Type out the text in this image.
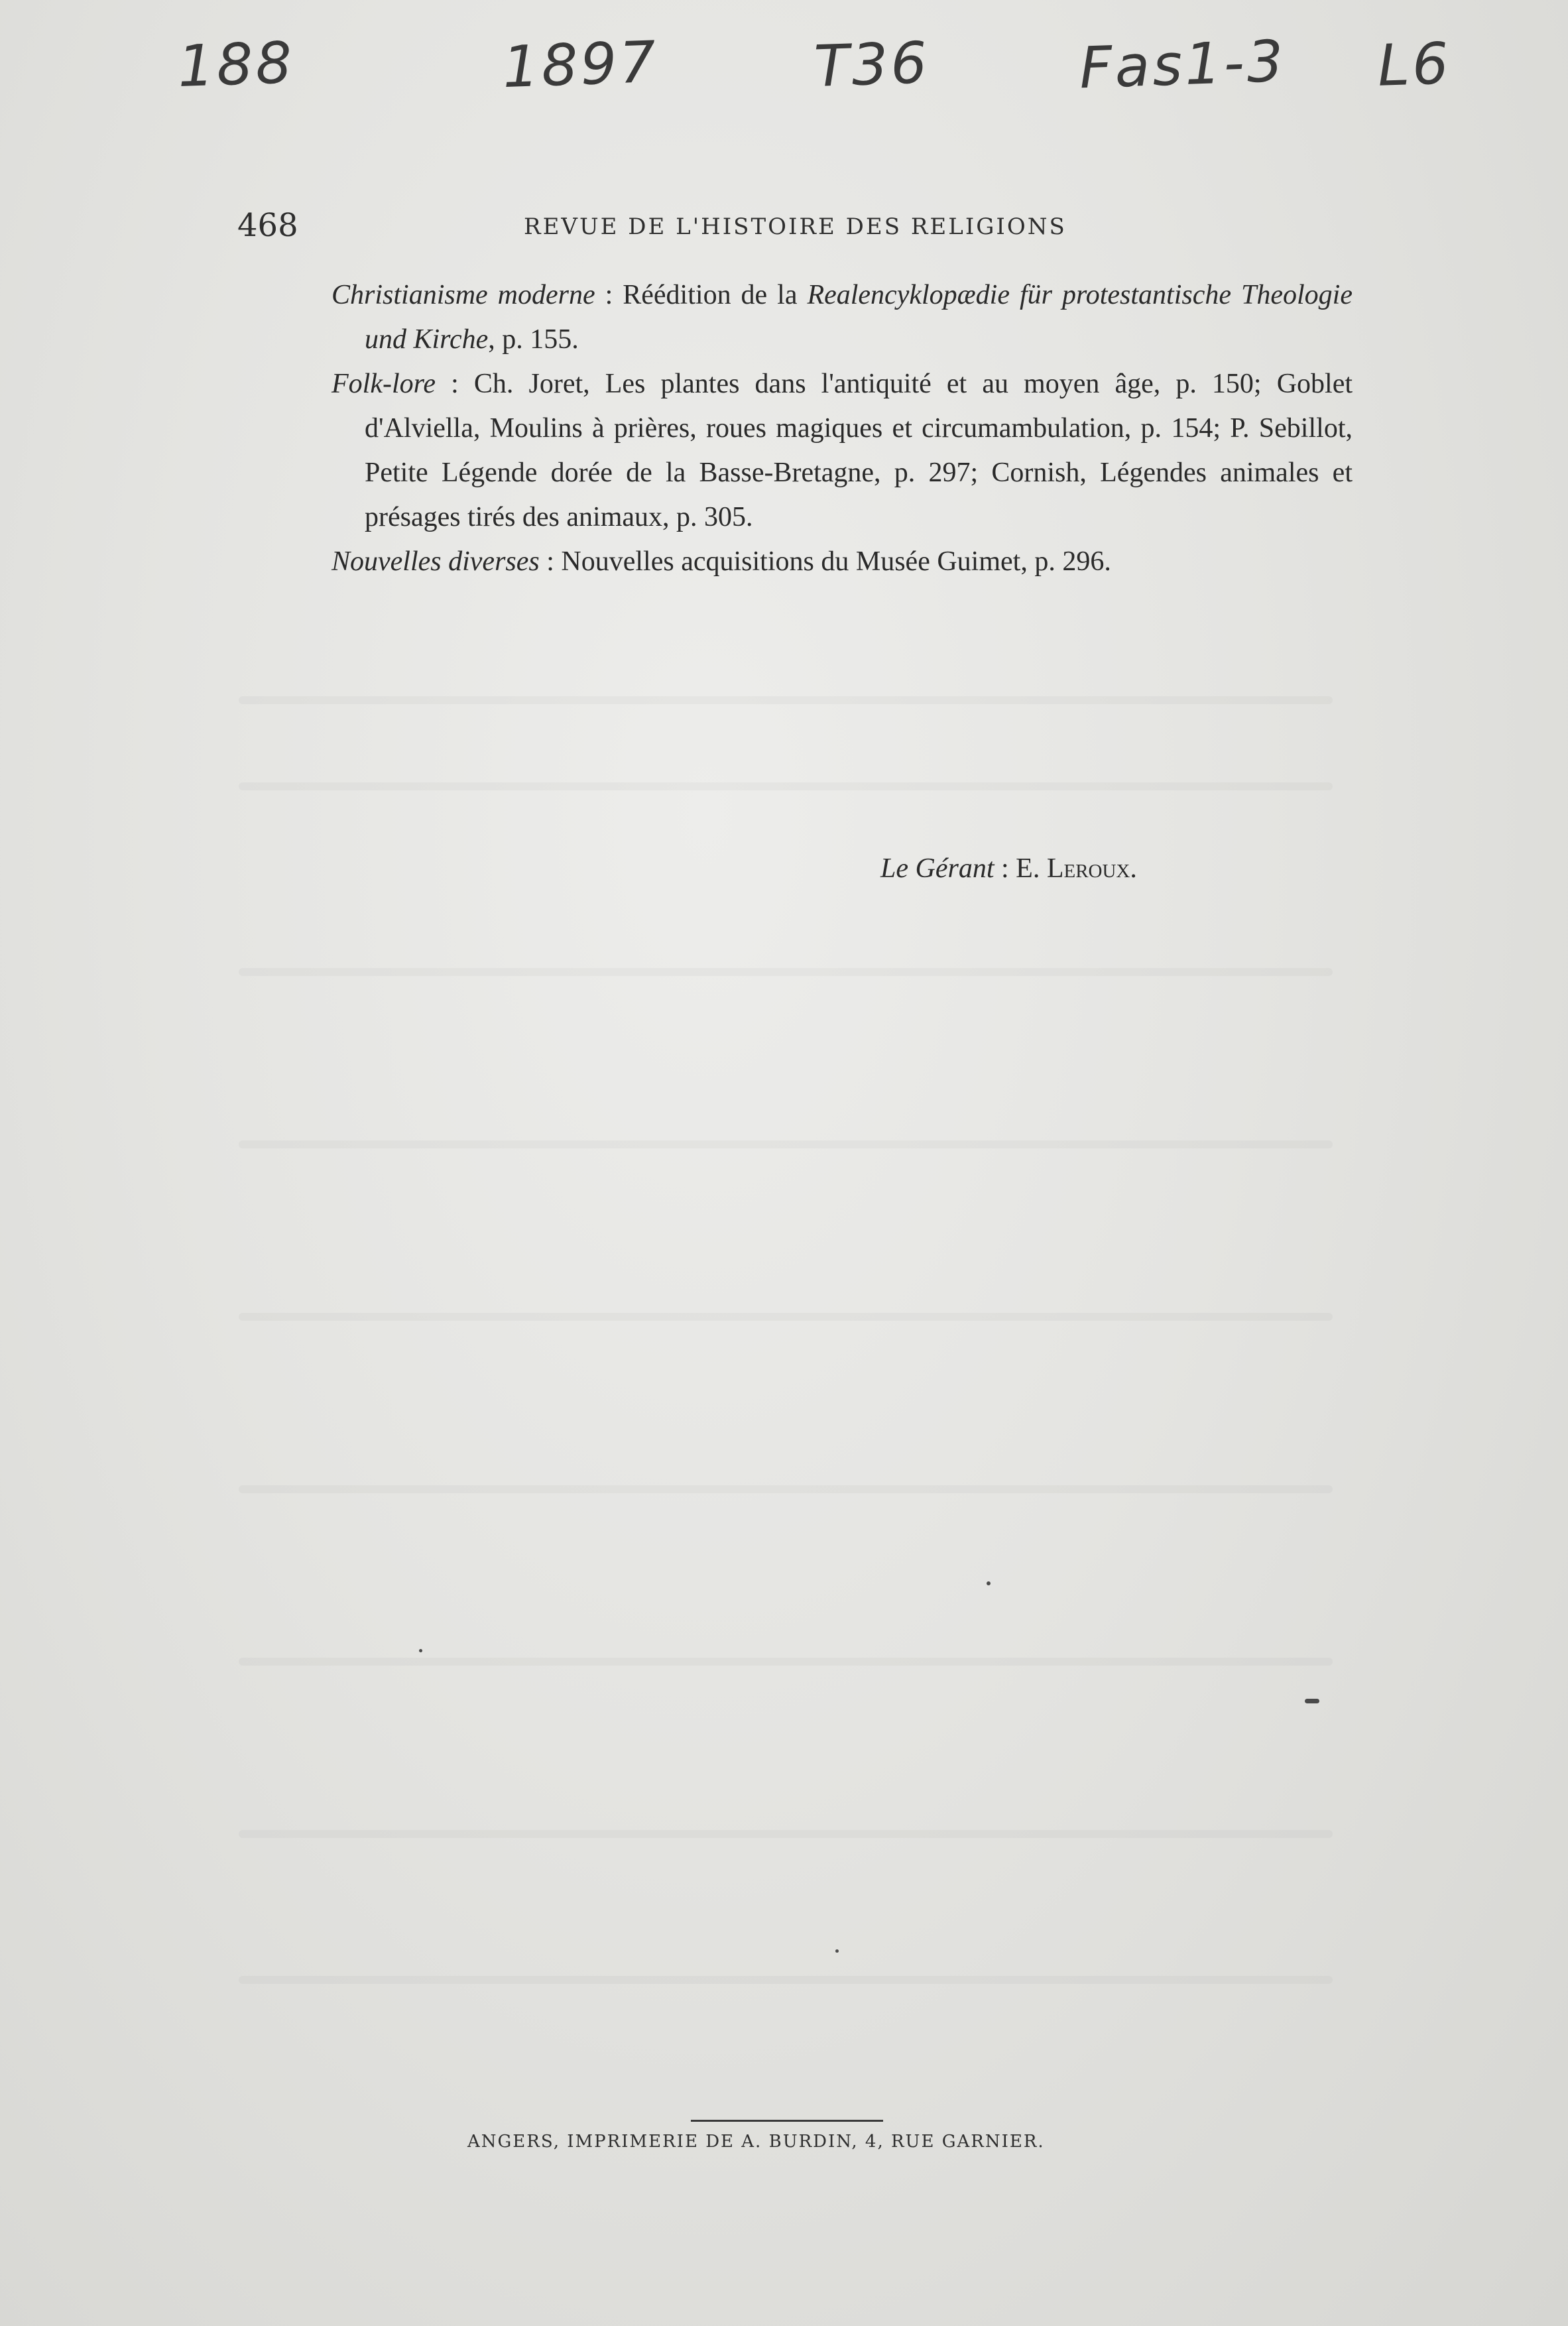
188	1897	T36	Fas1-3 L6
468	REVUE DE L'HISTOIRE DES RELIGIONS

Christianisme moderne : Réédition de la Realencyklopædie für protestantische Theologie und Kirche, p. 155.

Folk-lore : Ch. Joret, Les plantes dans l'antiquité et au moyen âge, p. 150; Goblet d'Alviella, Moulins à prières, roues magiques et circumambulation, p. 154; P. Sebillot, Petite Légende dorée de la Basse-Bretagne, p. 297; Cornish, Légendes animales et présages tirés des animaux, p. 305.

Nouvelles diverses : Nouvelles acquisitions du Musée Guimet, p. 296.

Le Gérant : E. Leroux.
ANGERS, IMPRIMERIE DE A. BURDIN, 4, RUE GARNIER.
